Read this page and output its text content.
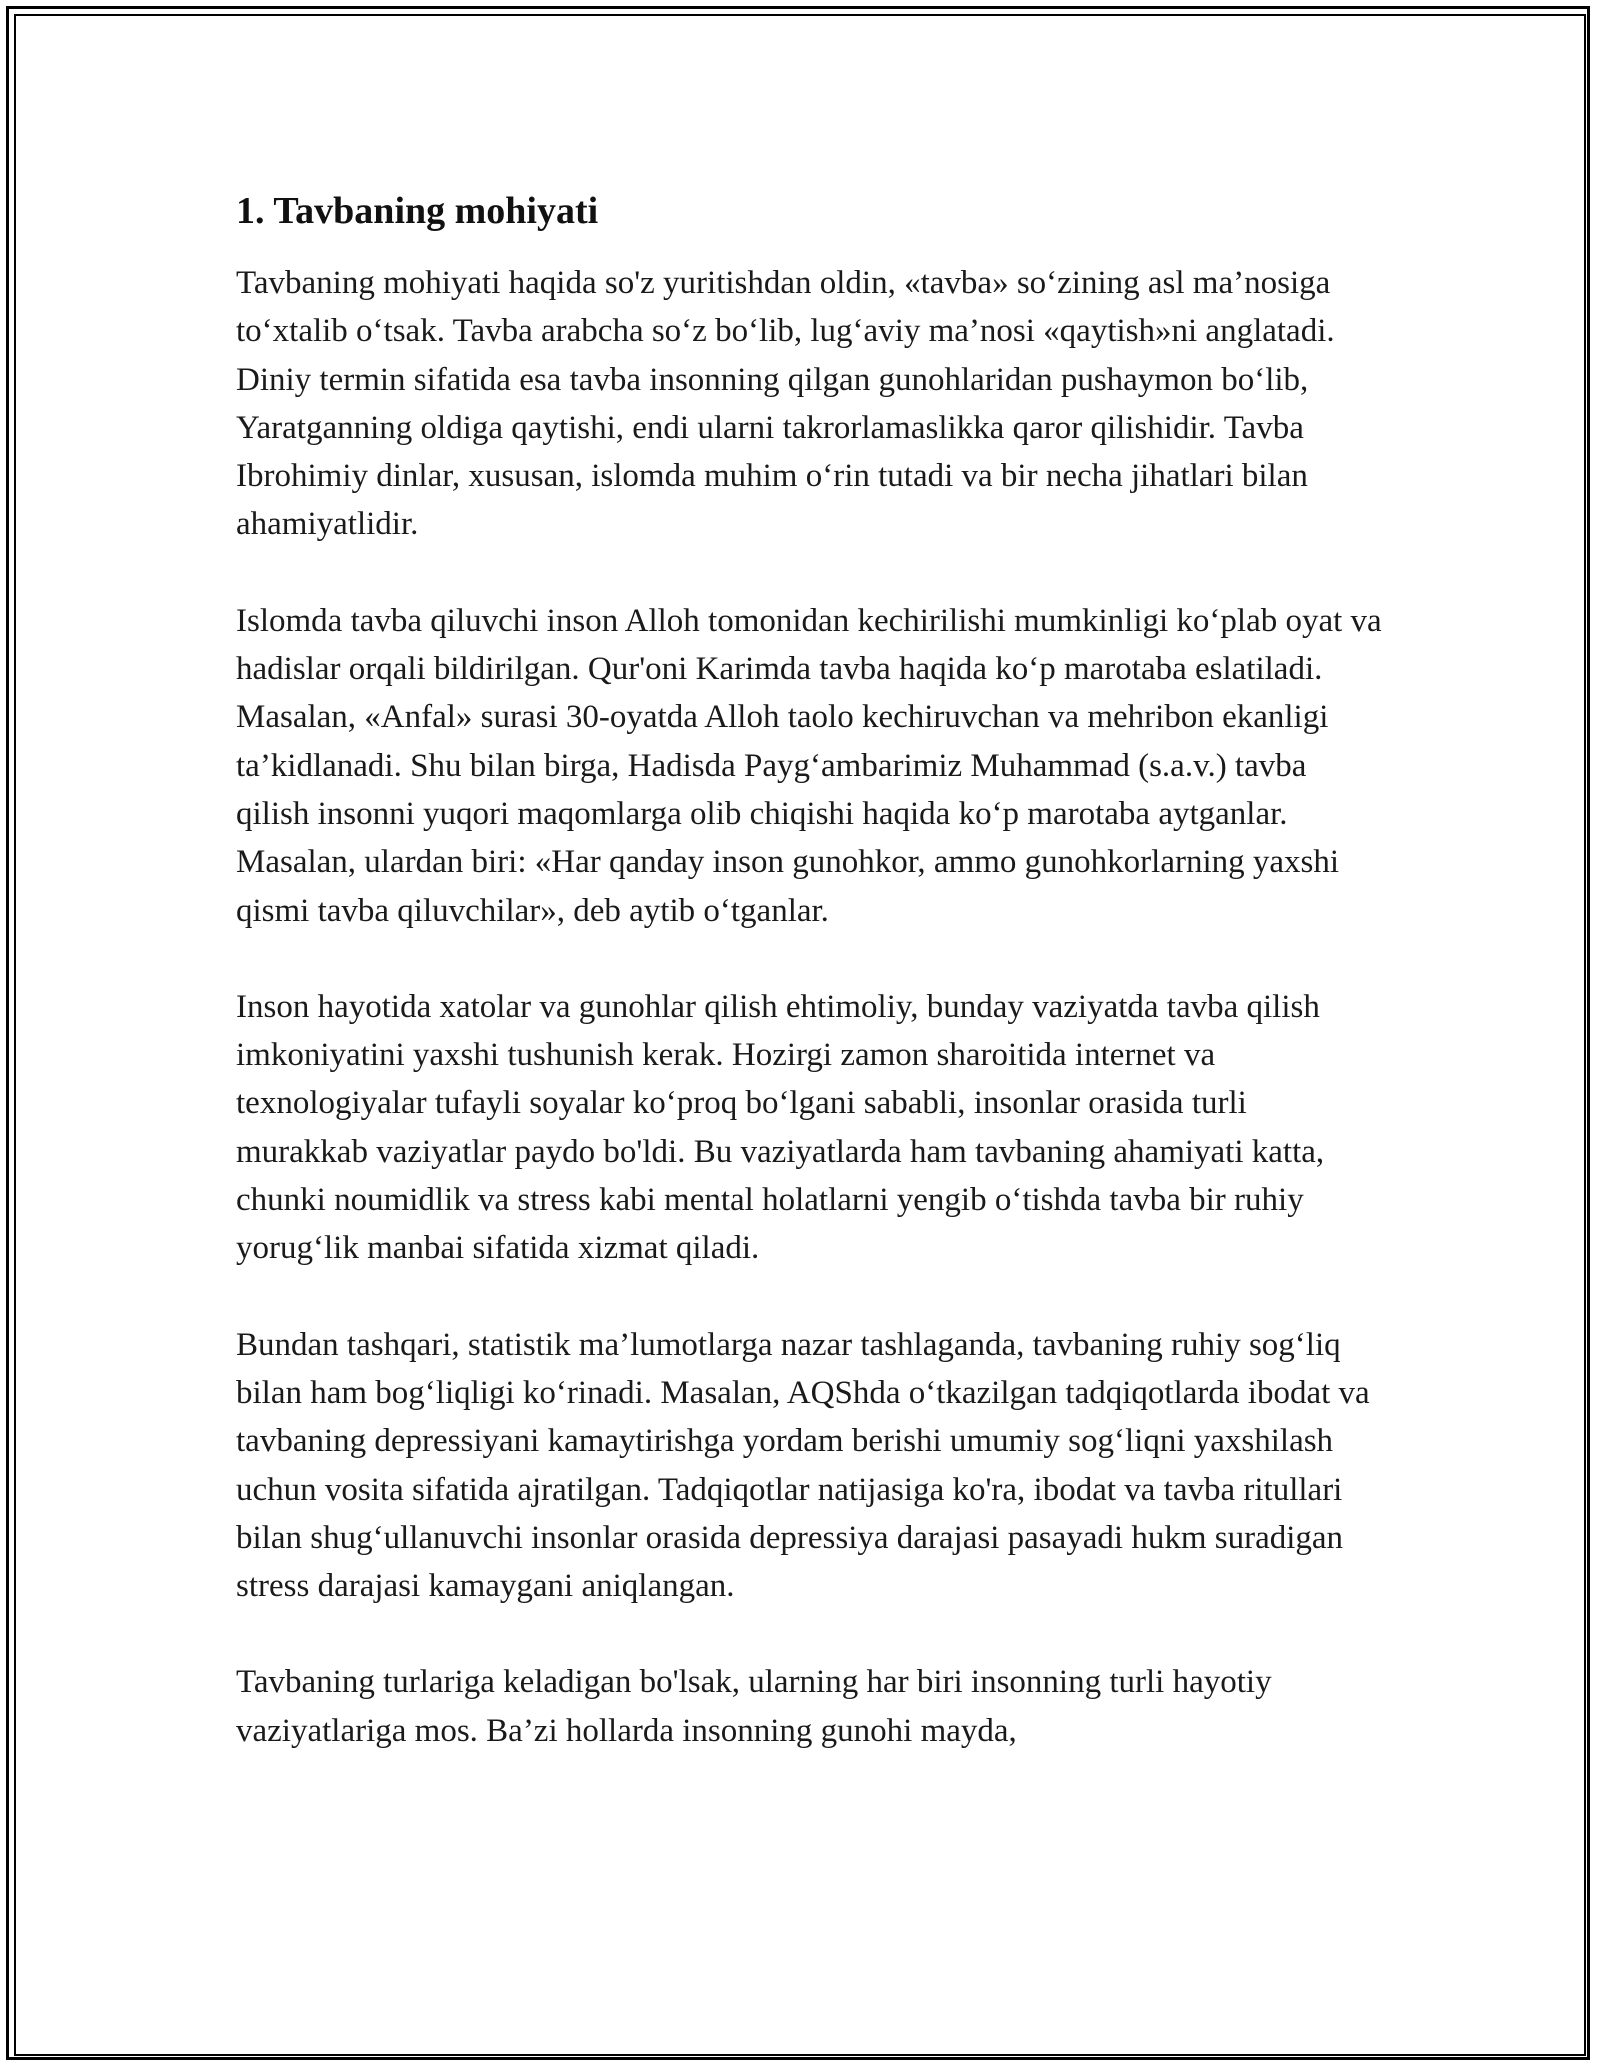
1. Tavbaning mohiyati

Tavbaning mohiyati haqida so'z yuritishdan oldin, «tavba» so‘zining asl ma’nosiga to‘xtalib o‘tsak. Tavba arabcha so‘z bo‘lib, lug‘aviy ma’nosi «qaytish»ni anglatadi. Diniy termin sifatida esa tavba insonning qilgan gunohlaridan pushaymon bo‘lib, Yaratganning oldiga qaytishi, endi ularni takrorlamaslikka qaror qilishidir. Tavba Ibrohimiy dinlar, xususan, islomda muhim o‘rin tutadi va bir necha jihatlari bilan ahamiyatlidir.

Islomda tavba qiluvchi inson Alloh tomonidan kechirilishi mumkinligi ko‘plab oyat va hadislar orqali bildirilgan. Qur'oni Karimda tavba haqida ko‘p marotaba eslatiladi. Masalan, «Anfal» surasi 30-oyatda Alloh taolo kechiruvchan va mehribon ekanligi ta’kidlanadi. Shu bilan birga, Hadisda Payg‘ambarimiz Muhammad (s.a.v.) tavba qilish insonni yuqori maqomlarga olib chiqishi haqida ko‘p marotaba aytganlar. Masalan, ulardan biri: «Har qanday inson gunohkor, ammo gunohkorlarning yaxshi qismi tavba qiluvchilar», deb aytib o‘tganlar.

Inson hayotida xatolar va gunohlar qilish ehtimoliy, bunday vaziyatda tavba qilish imkoniyatini yaxshi tushunish kerak. Hozirgi zamon sharoitida internet va texnologiyalar tufayli soyalar ko‘proq bo‘lgani sababli, insonlar orasida turli murakkab vaziyatlar paydo bo'ldi. Bu vaziyatlarda ham tavbaning ahamiyati katta, chunki noumidlik va stress kabi mental holatlarni yengib o‘tishda tavba bir ruhiy yorug‘lik manbai sifatida xizmat qiladi.

Bundan tashqari, statistik ma’lumotlarga nazar tashlaganda, tavbaning ruhiy sog‘liq bilan ham bog‘liqligi ko‘rinadi. Masalan, AQShda o‘tkazilgan tadqiqotlarda ibodat va tavbaning depressiyani kamaytirishga yordam berishi umumiy sog‘liqni yaxshilash uchun vosita sifatida ajratilgan. Tadqiqotlar natijasiga ko'ra, ibodat va tavba ritullari bilan shug‘ullanuvchi insonlar orasida depressiya darajasi pasayadi hukm suradigan stress darajasi kamaygani aniqlangan.

Tavbaning turlariga keladigan bo'lsak, ularning har biri insonning turli hayotiy vaziyatlariga mos. Ba’zi hollarda insonning gunohi mayda,
